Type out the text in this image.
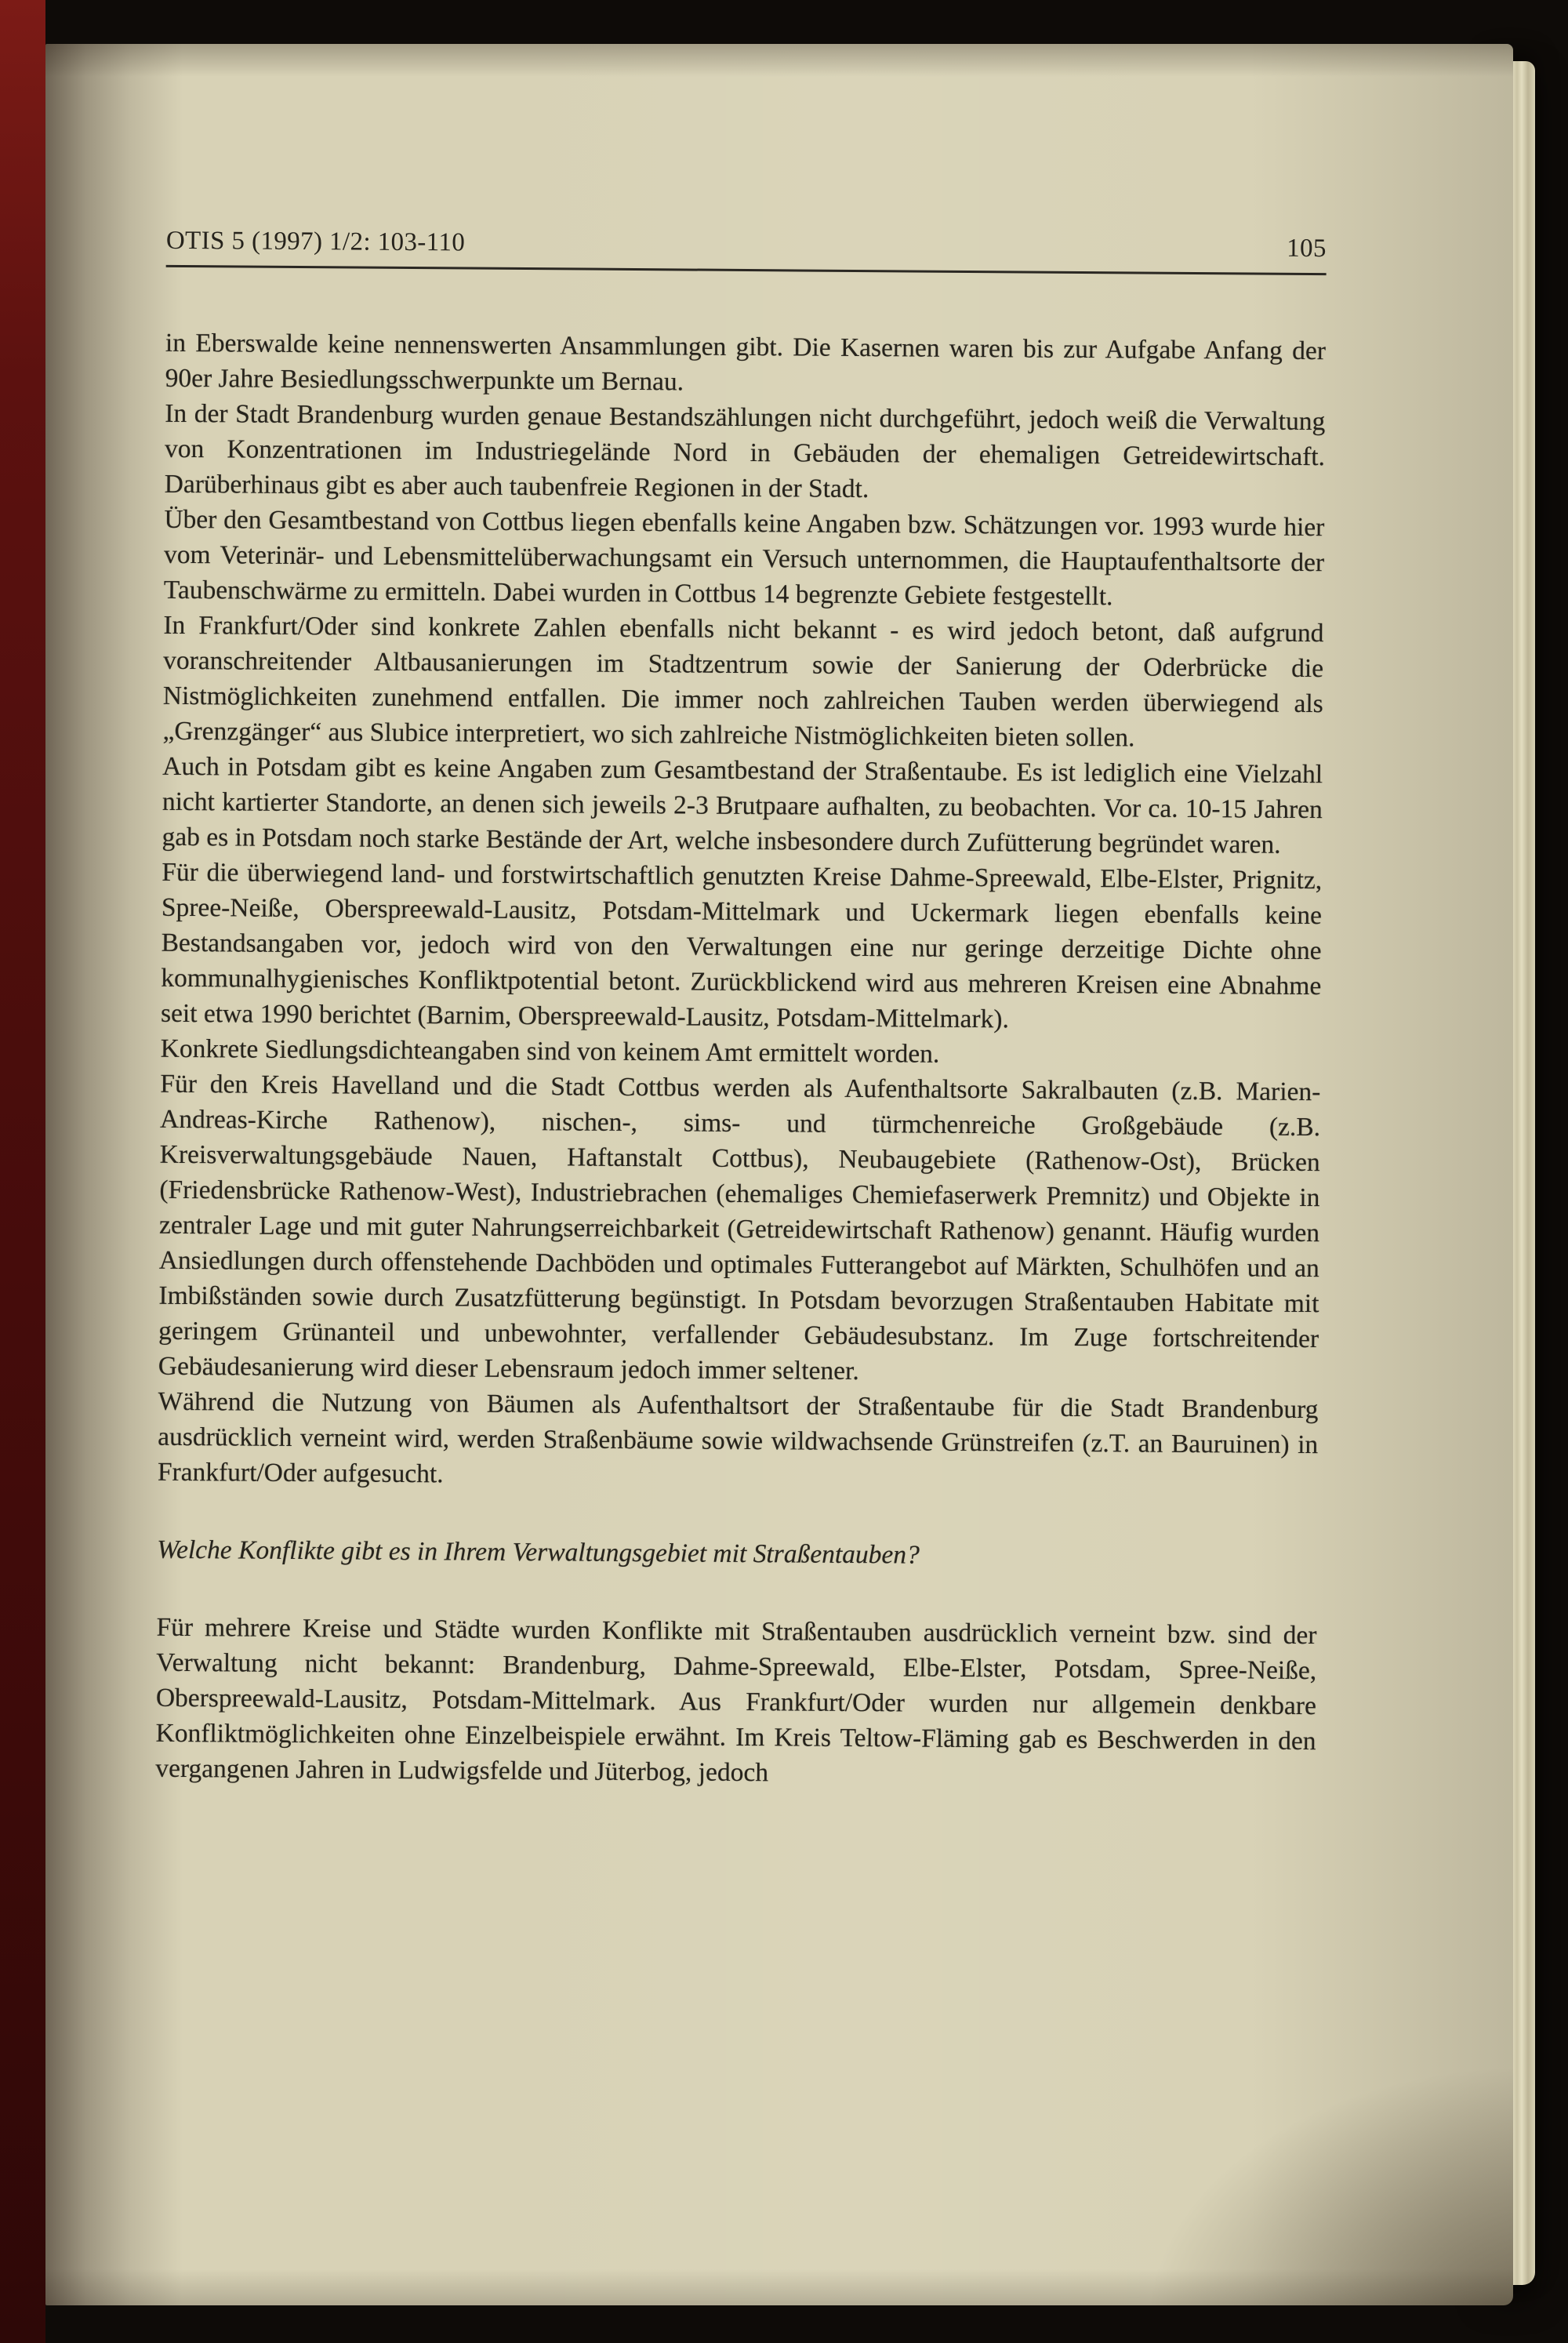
OTIS 5 (1997) 1/2: 103-110	105

in Eberswalde keine nennenswerten Ansammlungen gibt. Die Kasernen waren bis zur Aufgabe Anfang der 90er Jahre Besiedlungsschwerpunkte um Bernau.

In der Stadt Brandenburg wurden genaue Bestandszählungen nicht durchgeführt, jedoch weiß die Verwaltung von Konzentrationen im Industriegelände Nord in Gebäuden der ehemaligen Getreidewirtschaft. Darüberhinaus gibt es aber auch taubenfreie Regionen in der Stadt.

Über den Gesamtbestand von Cottbus liegen ebenfalls keine Angaben bzw. Schätzungen vor. 1993 wurde hier vom Veterinär- und Lebensmittelüberwachungsamt ein Versuch unternommen, die Hauptaufenthaltsorte der Taubenschwärme zu ermitteln. Dabei wurden in Cottbus 14 begrenzte Gebiete festgestellt.

In Frankfurt/Oder sind konkrete Zahlen ebenfalls nicht bekannt - es wird jedoch betont, daß aufgrund voranschreitender Altbausanierungen im Stadtzentrum sowie der Sanierung der Oderbrücke die Nistmöglichkeiten zunehmend entfallen. Die immer noch zahlreichen Tauben werden überwiegend als „Grenzgänger“ aus Slubice interpretiert, wo sich zahlreiche Nistmöglichkeiten bieten sollen.

Auch in Potsdam gibt es keine Angaben zum Gesamtbestand der Straßentaube. Es ist lediglich eine Vielzahl nicht kartierter Standorte, an denen sich jeweils 2-3 Brutpaare aufhalten, zu beobachten. Vor ca. 10-15 Jahren gab es in Potsdam noch starke Bestände der Art, welche insbesondere durch Zufütterung begründet waren.

Für die überwiegend land- und forstwirtschaftlich genutzten Kreise Dahme-Spreewald, Elbe-Elster, Prignitz, Spree-Neiße, Oberspreewald-Lausitz, Potsdam-Mittelmark und Uckermark liegen ebenfalls keine Bestandsangaben vor, jedoch wird von den Verwaltungen eine nur geringe derzeitige Dichte ohne kommunalhygienisches Konfliktpotential betont. Zurückblickend wird aus mehreren Kreisen eine Abnahme seit etwa 1990 berichtet (Barnim, Oberspreewald-Lausitz, Potsdam-Mittelmark).

Konkrete Siedlungsdichteangaben sind von keinem Amt ermittelt worden.

Für den Kreis Havelland und die Stadt Cottbus werden als Aufenthaltsorte Sakralbauten (z.B. Marien-Andreas-Kirche Rathenow), nischen-, sims- und türmchenreiche Großgebäude (z.B. Kreisverwaltungsgebäude Nauen, Haftanstalt Cottbus), Neubaugebiete (Rathenow-Ost), Brücken (Friedensbrücke Rathenow-West), Industriebrachen (ehemaliges Chemiefaserwerk Premnitz) und Objekte in zentraler Lage und mit guter Nahrungserreichbarkeit (Getreidewirtschaft Rathenow) genannt. Häufig wurden Ansiedlungen durch offenstehende Dachböden und optimales Futterangebot auf Märkten, Schulhöfen und an Imbißständen sowie durch Zusatzfütterung begünstigt. In Potsdam bevorzugen Straßentauben Habitate mit geringem Grünanteil und unbewohnter, verfallender Gebäudesubstanz. Im Zuge fortschreitender Gebäudesanierung wird dieser Lebensraum jedoch immer seltener.

Während die Nutzung von Bäumen als Aufenthaltsort der Straßentaube für die Stadt Brandenburg ausdrücklich verneint wird, werden Straßenbäume sowie wildwachsende Grünstreifen (z.T. an Bauruinen) in Frankfurt/Oder aufgesucht.

Welche Konflikte gibt es in Ihrem Verwaltungsgebiet mit Straßentauben?

Für mehrere Kreise und Städte wurden Konflikte mit Straßentauben ausdrücklich verneint bzw. sind der Verwaltung nicht bekannt: Brandenburg, Dahme-Spreewald, Elbe-Elster, Potsdam, Spree-Neiße, Oberspreewald-Lausitz, Potsdam-Mittelmark. Aus Frankfurt/Oder wurden nur allgemein denkbare Konfliktmöglichkeiten ohne Einzelbeispiele erwähnt. Im Kreis Teltow-Fläming gab es Beschwerden in den vergangenen Jahren in Ludwigsfelde und Jüterbog, jedoch
